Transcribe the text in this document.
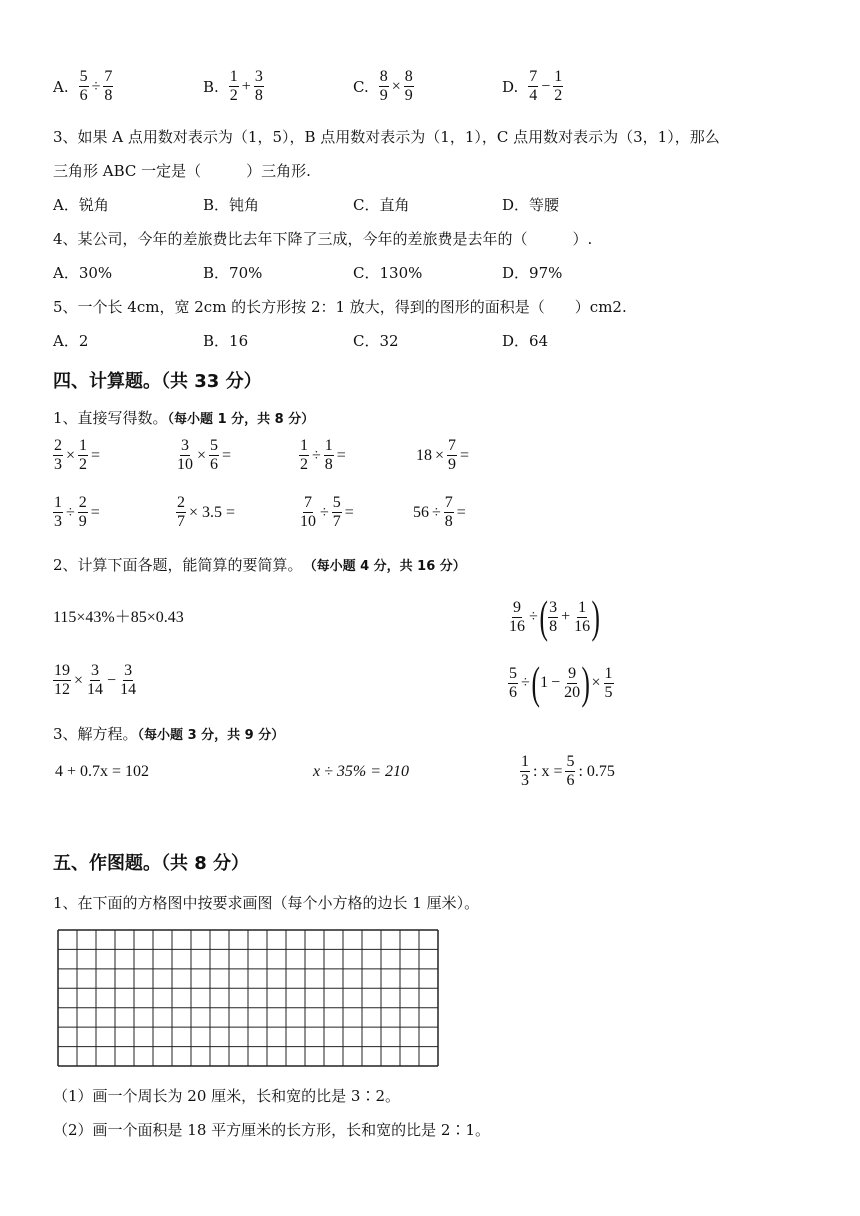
A. $\frac{5}{6} \div \frac{7}{8}$	B. $\frac{1}{2} + \frac{3}{8}$	C. $\frac{8}{9} \times \frac{8}{9}$	D. $\frac{7}{4} - \frac{1}{2}$
3、如果 A 点用数对表示为（1，5），B 点用数对表示为（1，1），C 点用数对表示为（3，1），那么
三角形 ABC 一定是（　　　）三角形.
A．锐角	B．钝角	C．直角	D．等腰
4、某公司，今年的差旅费比去年下降了三成，今年的差旅费是去年的（　　　）.
A．30%	B．70%	C．130%	D．97%
5、一个长 4cm，宽 2cm 的长方形按 2：1 放大，得到的图形的面积是（　　）cm2.
A．2	B．16	C．32	D．64
四、计算题。（共 33 分）
1、直接写得数。（每小题 1 分，共 8 分）
$\frac{2}{3} \times \frac{1}{2}$ =	$\frac{3}{10} \times \frac{5}{6}$ =	$\frac{1}{2} \div \frac{1}{8}$ =	$18 \times \frac{7}{9}$ =
$\frac{1}{3} \div \frac{2}{9}$ =	$\frac{2}{7} \times 3.5$ =	$\frac{7}{10} \div \frac{5}{7}$ =	$56 \div \frac{7}{8}$ =
2、计算下面各题，能简算的要简算。　 （每小题 4 分，共 16 分）
115×43%＋85×0.43	$\frac{9}{16}$ ÷ ( $\frac{3}{8} + \frac{1}{16}$ )
$\frac{19}{12} \times \frac{3}{14} - \frac{3}{14}$	$\frac{5}{6}$ ÷ ( $1 - \frac{9}{20}$ ) × $\frac{1}{5}$
3、解方程。（每小题 3 分，共 9 分）
4 + 0.7x = 102	x ÷ 35% = 210	$\frac{1}{3}$ : $x = \frac{5}{6}$ : 0.75
五、作图题。（共 8 分）
1、在下面的方格图中按要求画图（每个小方格的边长 1 厘米）。
（1）画一个周长为 20 厘米，长和宽的比是 3∶2。
（2）画一个面积是 18 平方厘米的长方形，长和宽的比是 2∶1。
